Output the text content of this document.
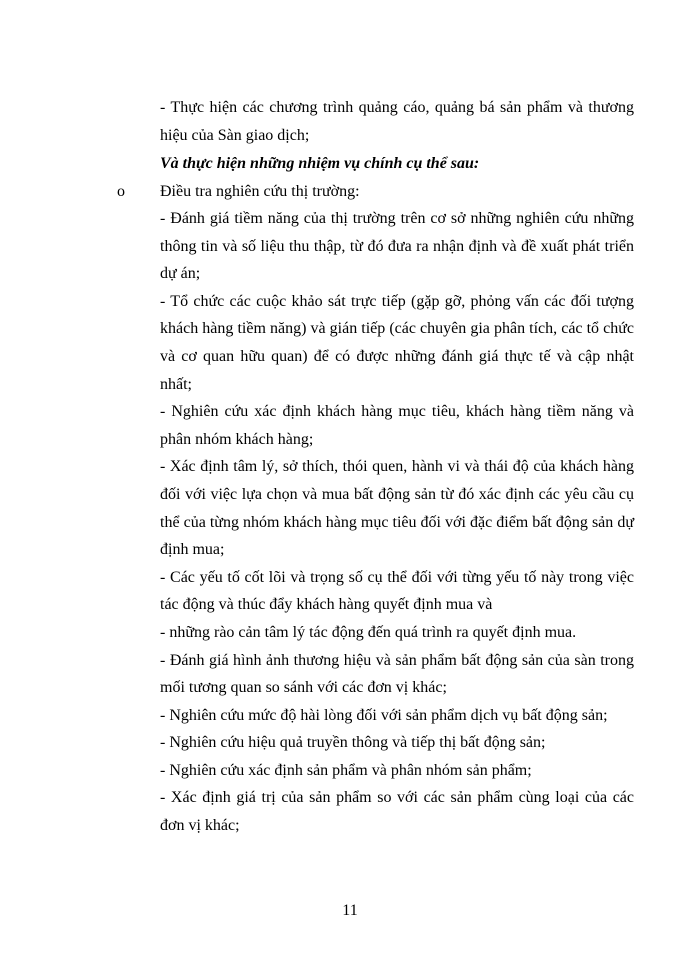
- Thực hiện các chương trình quảng cáo, quảng bá sản phẩm và thương hiệu của Sàn giao dịch;

Và thực hiện những nhiệm vụ chính cụ thể sau:
o Điều tra nghiên cứu thị trường:

- Đánh giá tiềm năng của thị trường trên cơ sở những nghiên cứu những thông tin và số liệu thu thập, từ đó đưa ra nhận định và đề xuất phát triển dự án;

- Tổ chức các cuộc khảo sát trực tiếp (gặp gỡ, phỏng vấn các đối tượng khách hàng tiềm năng) và gián tiếp (các chuyên gia phân tích, các tổ chức và cơ quan hữu quan) để có được những đánh giá thực tế và cập nhật nhất;

- Nghiên cứu xác định khách hàng mục tiêu, khách hàng tiềm năng và phân nhóm khách hàng;

- Xác định tâm lý, sở thích, thói quen, hành vi và thái độ của khách hàng đối với việc lựa chọn và mua bất động sản từ đó xác định các yêu cầu cụ thể của từng nhóm khách hàng mục tiêu đối với đặc điểm bất động sản dự định mua;

- Các yếu tố cốt lõi và trọng số cụ thể đối với từng yếu tố này trong việc tác động và thúc đẩy khách hàng quyết định mua và

- những rào cản tâm lý tác động đến quá trình ra quyết định mua.

- Đánh giá hình ảnh thương hiệu và sản phẩm bất động sản của sàn trong mối tương quan so sánh với các đơn vị khác;

- Nghiên cứu mức độ hài lòng đối với sản phẩm dịch vụ bất động sản;

- Nghiên cứu hiệu quả truyền thông và tiếp thị bất động sản;

- Nghiên cứu xác định sản phẩm và phân nhóm sản phẩm;

- Xác định giá trị của sản phẩm so với các sản phẩm cùng loại của các đơn vị khác;

11
